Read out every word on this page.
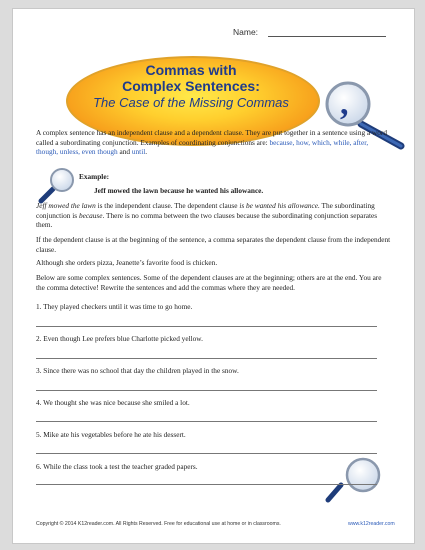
Name:
Commas with
Complex Sentences:
The Case of the Missing Commas	,
A complex sentence has an independent clause and a dependent clause. They are put together in a sentence using a word called a subordinating conjunction. Examples of coordinating conjunctions are: because, how, which, while, after, though, unless, even though and until.
Example:
Jeff mowed the lawn because he wanted his allowance.
Jeff mowed the lawn is the independent clause. The dependent clause is be wanted his allowance. The subordinating conjunction is because. There is no comma between the two clauses because the subordinating conjunction separates them.
If the dependent clause is at the beginning of the sentence, a comma separates the dependent clause from the independent clause.
Although she orders pizza, Jeanette’s favorite food is chicken.
Below are some complex sentences. Some of the dependent clauses are at the beginning; others are at the end. You are the comma detective! Rewrite the sentences and add the commas where they are needed.
1. They played checkers until it was time to go home.
2. Even though Lee prefers blue Charlotte picked yellow.
3. Since there was no school that day the children played in the snow.
4. We thought she was nice because she smiled a lot.
5. Mike ate his vegetables before he ate his dessert.
6. While the class took a test the teacher graded papers.
Copyright © 2014 K12reader.com. All Rights Reserved. Free for educational use at home or in classrooms.	www.k12reader.com
